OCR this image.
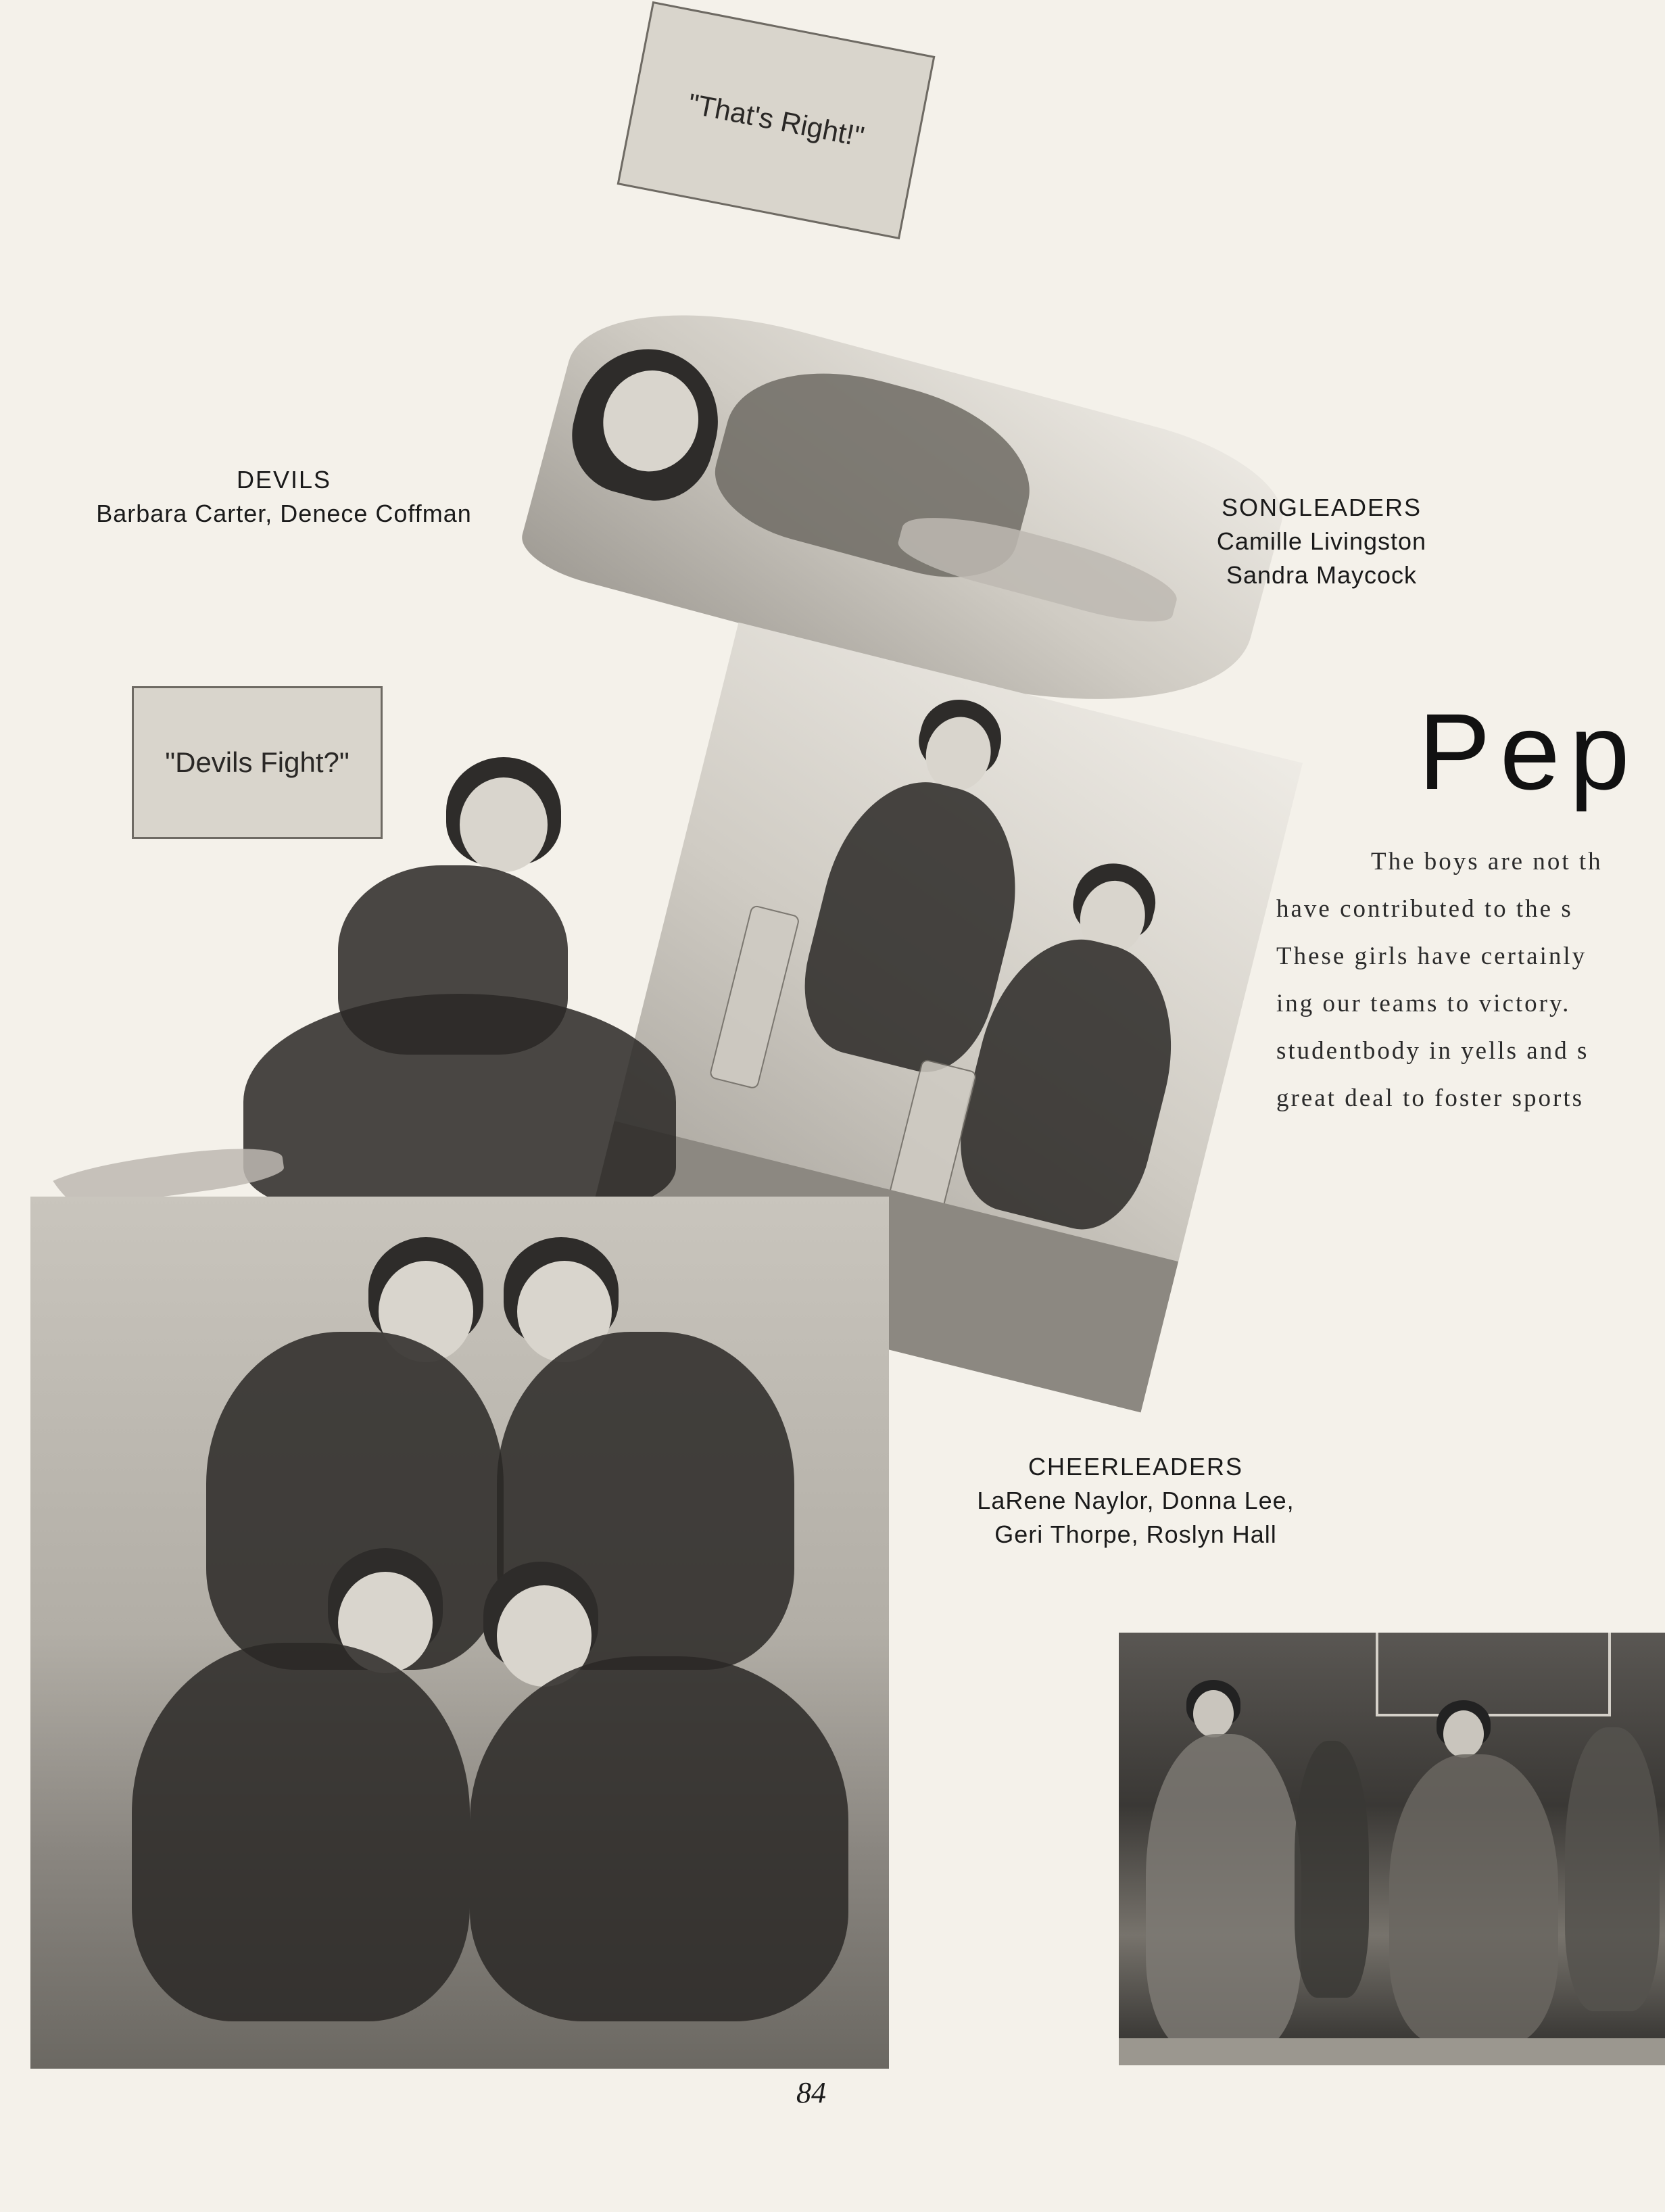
"That's Right!"
"Devils Fight?"
DEVILS
Barbara Carter, Denece Coffman	SONGLEADERS
Camille Livingston
Sandra Maycock
CHEERLEADERS
LaRene Naylor, Donna Lee,
Geri Thorpe, Roslyn Hall
Pep
The boys are not th
have contributed to the s
These girls have certainly
ing our teams to victory.
studentbody in yells and s
great deal to foster sports
84
